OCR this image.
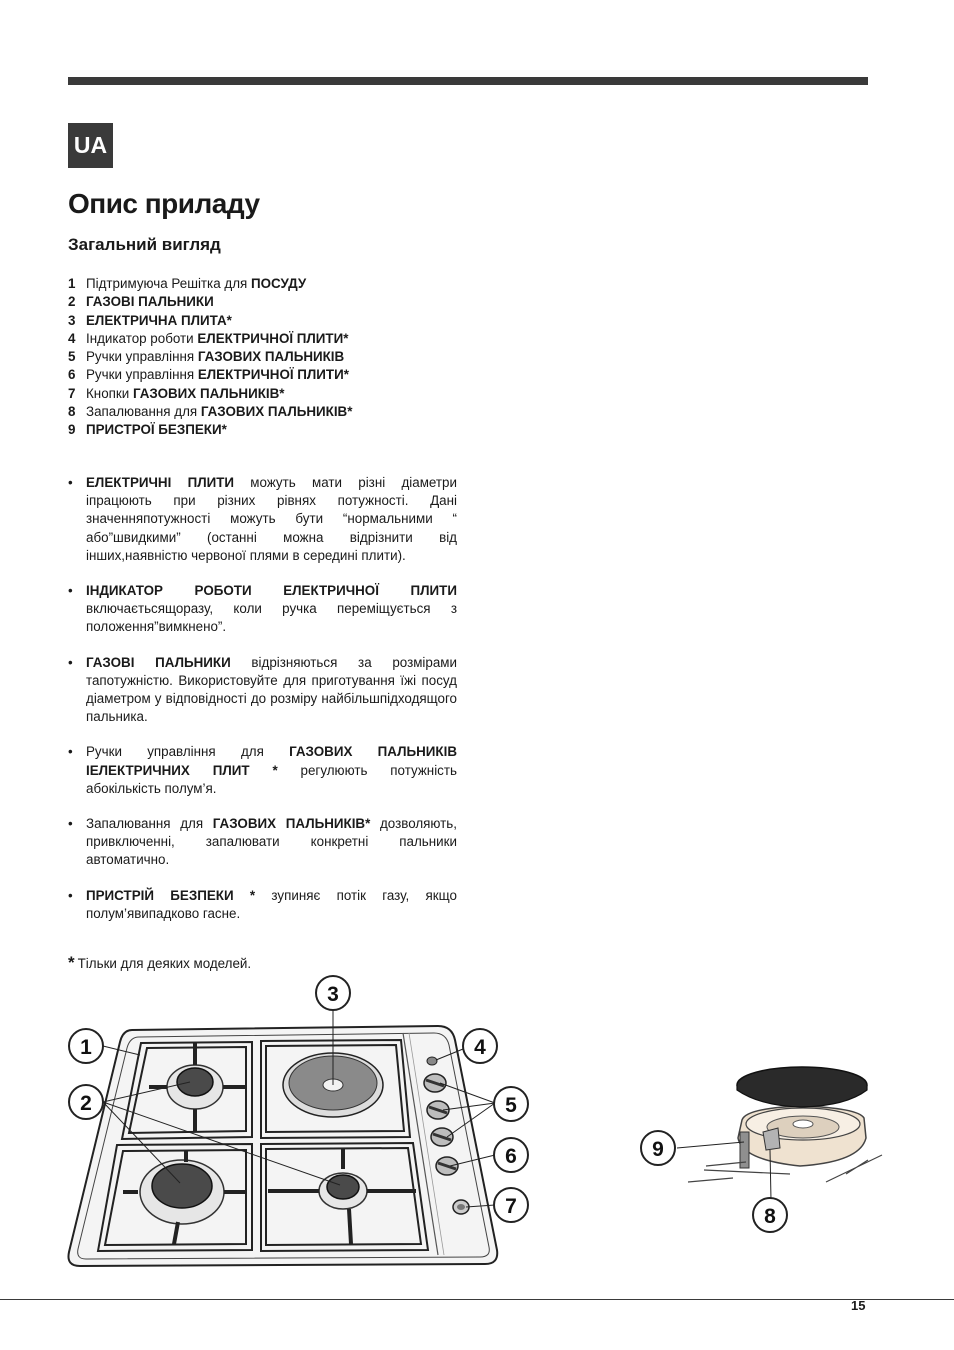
UA
Опис приладу
Загальний вигляд
1 Підтримуюча Решітка для ПОСУДУ
2 ГАЗОВІ ПАЛЬНИКИ
3 ЕЛЕКТРИЧНА ПЛИТА*
4 Індикатор роботи ЕЛЕКТРИЧНОЇ ПЛИТИ*
5 Ручки управління ГАЗОВИХ ПАЛЬНИКІВ
6 Ручки управління ЕЛЕКТРИЧНОЇ ПЛИТИ*
7 Кнопки ГАЗОВИХ ПАЛЬНИКІВ*
8 Запалювання для ГАЗОВИХ ПАЛЬНИКІВ*
9 ПРИСТРОЇ БЕЗПЕКИ*
• ЕЛЕКТРИЧНІ ПЛИТИ можуть мати різні діаметри іпрацюють при різних рівнях потужності. Дані значенняпотужності можуть бути “нормальними “ або”швидкими” (останні можна відрізнити від інших,наявністю червоної плями в середині плити).
• ІНДИКАТОР РОБОТИ ЕЛЕКТРИЧНОЇ ПЛИТИ включаєтьсящоразу, коли ручка переміщується з положення”вимкнено”.
• ГАЗОВІ ПАЛЬНИКИ відрізняються за розмірами тапотужністю. Використовуйте для приготування їжі посуд діаметром у відповідності до розміру найбільшпідходящого пальника.
• Ручки управління для ГАЗОВИХ ПАЛЬНИКІВ ІЕЛЕКТРИЧНИХ ПЛИТ * регулюють потужність абокількість полум’я.
• Запалювання для ГАЗОВИХ ПАЛЬНИКІВ* дозволяють, привключенні, запалювати конкретні пальники автоматично.
• ПРИСТРІЙ БЕЗПЕКИ * зупиняє потік газу, якщо полум’явипадково гасне.
* Тільки для деяких моделей.
1
2
3
4
5
6
7	8
9
15
